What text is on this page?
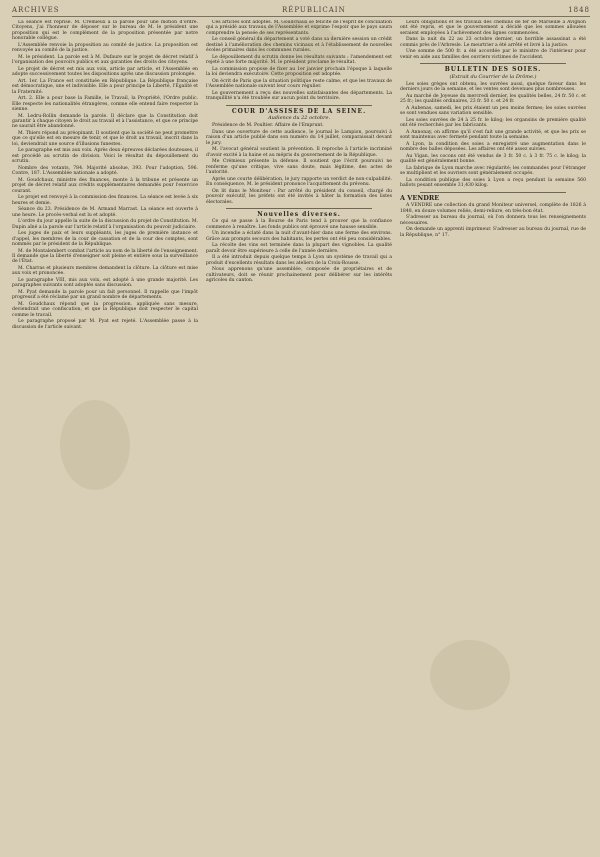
ARCHIVES	RÉPUBLICAIN	1848

La séance est reprise. M. Crémieux a la parole pour une motion d'ordre. Citoyens, j'ai l'honneur de déposer sur le bureau de M. le président une proposition qui est le complément de la proposition présentée par notre honorable collègue.

L'Assemblée renvoie la proposition au comité de justice. La proposition est renvoyée au comité de la justice.

M. le président. La parole est à M. Dufaure sur le projet de décret relatif à l'organisation des pouvoirs publics et aux garanties des droits des citoyens.

Le projet de décret est mis aux voix, article par article, et l'Assemblée en adopte successivement toutes les dispositions après une discussion prolongée.

Art. 1er. La France est constituée en République. La République française est démocratique, une et indivisible. Elle a pour principe la Liberté, l'Égalité et la Fraternité.

Art. 2. Elle a pour base la Famille, le Travail, la Propriété, l'Ordre public. Elle respecte les nationalités étrangères, comme elle entend faire respecter la sienne.

M. Ledru-Rollin demande la parole. Il déclare que la Constitution doit garantir à chaque citoyen le droit au travail et à l'assistance, et que ce principe ne saurait être abandonné.

M. Thiers répond au préopinant. Il soutient que la société ne peut promettre que ce qu'elle est en mesure de tenir, et que le droit au travail, inscrit dans la loi, deviendrait une source d'illusions funestes.

Le paragraphe est mis aux voix. Après deux épreuves déclarées douteuses, il est procédé au scrutin de division. Voici le résultat du dépouillement du scrutin.

Nombre des votants, 784. Majorité absolue, 393. Pour l'adoption, 596. Contre, 187. L'Assemblée nationale a adopté.

M. Goudchaux, ministre des finances, monte à la tribune et présente un projet de décret relatif aux crédits supplémentaires demandés pour l'exercice courant.

Le projet est renvoyé à la commission des finances. La séance est levée à six heures et demie.

Séance du 23. Présidence de M. Armand Marrast. La séance est ouverte à une heure. Le procès-verbal est lu et adopté.

L'ordre du jour appelle la suite de la discussion du projet de Constitution. M. Dupin aîné a la parole sur l'article relatif à l'organisation du pouvoir judiciaire.

Les juges de paix et leurs suppléants, les juges de première instance et d'appel, les membres de la cour de cassation et de la cour des comptes, sont nommés par le président de la République.

M. de Montalembert combat l'article au nom de la liberté de l'enseignement. Il demande que la liberté d'enseigner soit pleine et entière sous la surveillance de l'État.

M. Charras et plusieurs membres demandent la clôture. La clôture est mise aux voix et prononcée.

Le paragraphe VIII, mis aux voix, est adopté à une grande majorité. Les paragraphes suivants sont adoptés sans discussion.

M. Pyat demande la parole pour un fait personnel. Il rappelle que l'impôt progressif a été réclamé par un grand nombre de départements.

M. Goudchaux répond que la progression, appliquée sans mesure, deviendrait une confiscation, et que la République doit respecter le capital comme le travail.

Le paragraphe proposé par M. Pyat est rejeté. L'Assemblée passe à la discussion de l'article suivant.

Ces articles sont adoptés. M. Goudchaux se félicite de l'esprit de conciliation qui a présidé aux travaux de l'Assemblée et exprime l'espoir que le pays saura comprendre la pensée de ses représentants.

Le conseil général du département a voté dans sa dernière session un crédit destiné à l'amélioration des chemins vicinaux et à l'établissement de nouvelles écoles primaires dans les communes rurales.

Le dépouillement du scrutin donne les résultats suivants : l'amendement est rejeté à une forte majorité. M. le président proclame le résultat.

La commission propose de fixer au 1er janvier prochain l'époque à laquelle la loi deviendra exécutoire. Cette proposition est adoptée.

On écrit de Paris que la situation politique reste calme, et que les travaux de l'Assemblée nationale suivent leur cours régulier.

Le gouvernement a reçu des nouvelles satisfaisantes des départements. La tranquillité n'a été troublée sur aucun point du territoire.

COUR D'ASSISES DE LA SEINE.
Audience du 22 octobre.

Présidence de M. Poultier. Affaire de l'Emprunt.

Dans une ouverture de cette audience, le journal le Lampion, poursuivi à raison d'un article publié dans son numéro du 14 juillet, comparaissait devant le jury.

M. l'avocat général soutient la prévention. Il reproche à l'article incriminé d'avoir excité à la haine et au mépris du gouvernement de la République.

Me Crémieux présente la défense. Il soutient que l'écrit poursuivi ne renferme qu'une critique, vive sans doute, mais légitime, des actes de l'autorité.

Après une courte délibération, le jury rapporte un verdict de non-culpabilité. En conséquence, M. le président prononce l'acquittement du prévenu.

On lit dans le Moniteur : Par arrêté du président du conseil, chargé du pouvoir exécutif, les préfets ont été invités à hâter la formation des listes électorales.

Nouvelles diverses.

Ce qui se passe à la Bourse de Paris tend à prouver que la confiance commence à renaître. Les fonds publics ont éprouvé une hausse sensible.

Un incendie a éclaté dans la nuit d'avant-hier dans une ferme des environs. Grâce aux prompts secours des habitants, les pertes ont été peu considérables.

La récolte des vins est terminée dans la plupart des vignobles. La qualité paraît devoir être supérieure à celle de l'année dernière.

Il a été introduit depuis quelque temps à Lyon un système de travail qui a produit d'excellents résultats dans les ateliers de la Croix-Rousse.

Nous apprenons qu'une assemblée, composée de propriétaires et de cultivateurs, doit se réunir prochainement pour délibérer sur les intérêts agricoles du canton.

Leurs obligations et les travaux des chemins de fer de Marseille à Avignon ont été repris, et que le gouvernement a décidé que les sommes allouées seraient employées à l'achèvement des lignes commencées.

Dans la nuit du 22 au 23 octobre dernier, un horrible assassinat a été commis près de l'Arbresle. Le meurtrier a été arrêté et livré à la justice.

Une somme de 500 fr. a été accordée par le ministre de l'intérieur pour venir en aide aux familles des ouvriers victimes de l'accident.

BULLETIN DES SOIES.
(Extrait du Courrier de la Drôme.)

Les soies grèges ont obtenu, les ouvrées aussi, quelque faveur dans les derniers jours de la semaine, et les ventes sont devenues plus nombreuses.

Au marché de Joyeuse du mercredi dernier, les qualités belles, 24 fr. 50 c. et 25 fr.; les qualités ordinaires, 23 fr. 50 c. et 24 fr.

A Aubenas, samedi, les prix étaient un peu moins fermes; les soies ouvrées se sont vendues sans variation sensible.

Les soies ouvrées de 24 à 25 fr. le kilog; les organsins de première qualité ont été recherchés par les fabricants.

A Annonay, on affirme qu'il s'est fait une grande activité, et que les prix se sont maintenus avec fermeté pendant toute la semaine.

A Lyon, la condition des soies a enregistré une augmentation dans le nombre des balles déposées. Les affaires ont été assez suivies.

Au Vigan, les cocons ont été vendus de 3 fr. 50 c. à 3 fr. 75 c. le kilog; la qualité est généralement bonne.

La fabrique de Lyon marche avec régularité; les commandes pour l'étranger se multiplient et les ouvriers sont généralement occupés.

La condition publique des soies à Lyon a reçu pendant la semaine 560 ballots pesant ensemble 31,430 kilog.

A VENDRE

A VENDRE une collection du grand Moniteur universel, complète de 1826 à 1848, en douze volumes reliés, demi-reliure, en très-bon état.

S'adresser au bureau du journal, où l'on donnera tous les renseignements nécessaires.

On demande un apprenti imprimeur. S'adresser au bureau du journal, rue de la République, n° 17.
